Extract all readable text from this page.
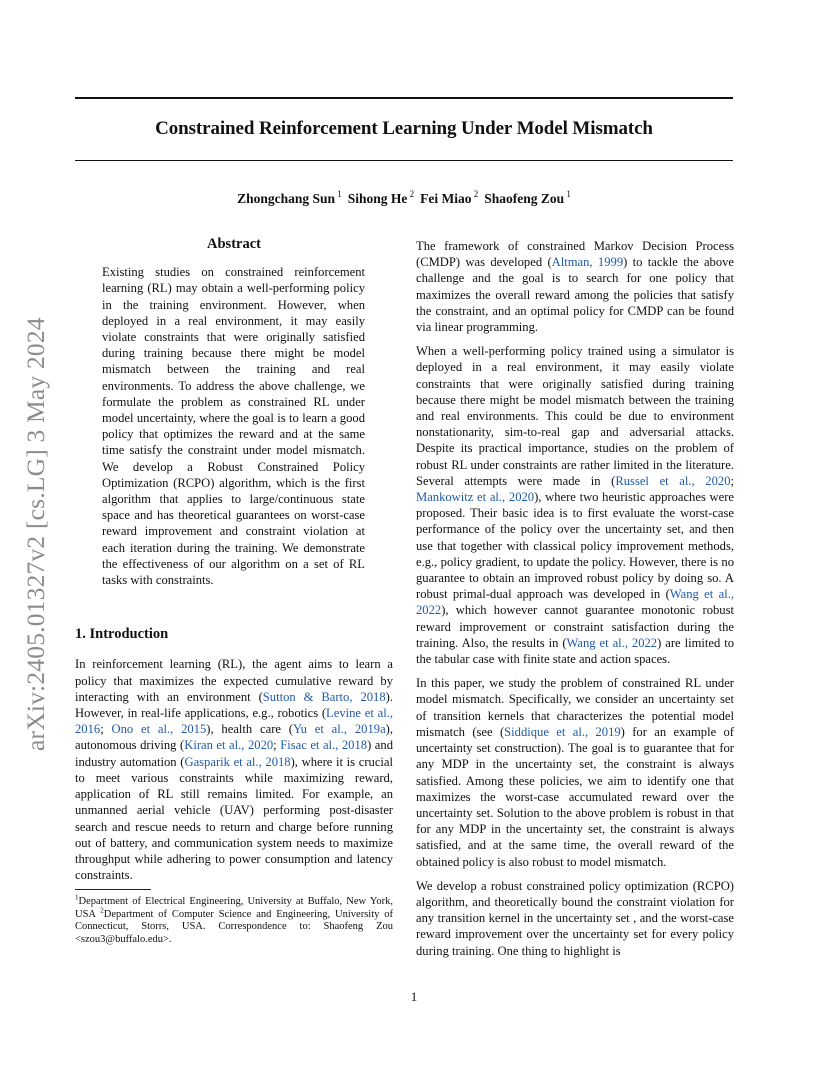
arXiv:2405.01327v2 [cs.LG] 3 May 2024
Constrained Reinforcement Learning Under Model Mismatch
Zhongchang Sun $^1$ Sihong He $^2$ Fei Miao $^2$ Shaofeng Zou $^1$
Abstract

Existing studies on constrained reinforcement learning (RL) may obtain a well-performing policy in the training environment. However, when deployed in a real environment, it may easily violate constraints that were originally satisfied during training because there might be model mismatch between the training and real environments. To address the above challenge, we formulate the problem as constrained RL under model uncertainty, where the goal is to learn a good policy that optimizes the reward and at the same time satisfy the constraint under model mismatch. We develop a Robust Constrained Policy Optimization (RCPO) algorithm, which is the first algorithm that applies to large/continuous state space and has theoretical guarantees on worst-case reward improvement and constraint violation at each iteration during the training. We demonstrate the effectiveness of our algorithm on a set of RL tasks with constraints.

1. Introduction

In reinforcement learning (RL), the agent aims to learn a policy that maximizes the expected cumulative reward by interacting with an environment (Sutton & Barto, 2018). However, in real-life applications, e.g., robotics (Levine et al., 2016; Ono et al., 2015), health care (Yu et al., 2019a), autonomous driving (Kiran et al., 2020; Fisac et al., 2018) and industry automation (Gasparik et al., 2018), where it is crucial to meet various constraints while maximizing reward, application of RL still remains limited. For example, an unmanned aerial vehicle (UAV) performing post-disaster search and rescue needs to return and charge before running out of battery, and communication system needs to maximize throughput while adhering to power consumption and latency constraints.

$^1$Department of Electrical Engineering, University at Buffalo, New York, USA $^2$Department of Computer Science and Engineering, University of Connecticut, Storrs, USA. Correspondence to: Shaofeng Zou <szou3@buffalo.edu>.

The framework of constrained Markov Decision Process (CMDP) was developed (Altman, 1999) to tackle the above challenge and the goal is to search for one policy that maximizes the overall reward among the policies that satisfy the constraint, and an optimal policy for CMDP can be found via linear programming.

When a well-performing policy trained using a simulator is deployed in a real environment, it may easily violate constraints that were originally satisfied during training because there might be model mismatch between the training and real environments. This could be due to environment nonstationarity, sim-to-real gap and adversarial attacks. Despite its practical importance, studies on the problem of robust RL under constraints are rather limited in the literature. Several attempts were made in (Russel et al., 2020; Mankowitz et al., 2020), where two heuristic approaches were proposed. Their basic idea is to first evaluate the worst-case performance of the policy over the uncertainty set, and then use that together with classical policy improvement methods, e.g., policy gradient, to update the policy. However, there is no guarantee to obtain an improved robust policy by doing so. A robust primal-dual approach was developed in (Wang et al., 2022), which however cannot guarantee monotonic robust reward improvement or constraint satisfaction during the training. Also, the results in (Wang et al., 2022) are limited to the tabular case with finite state and action spaces.

In this paper, we study the problem of constrained RL under model mismatch. Specifically, we consider an uncertainty set of transition kernels that characterizes the potential model mismatch (see (Siddique et al., 2019) for an example of uncertainty set construction). The goal is to guarantee that for any MDP in the uncertainty set, the constraint is always satisfied. Among these policies, we aim to identify one that maximizes the worst-case accumulated reward over the uncertainty set. Solution to the above problem is robust in that for any MDP in the uncertainty set, the constraint is always satisfied, and at the same time, the overall reward of the obtained policy is also robust to model mismatch.

We develop a robust constrained policy optimization (RCPO) algorithm, and theoretically bound the constraint violation for any transition kernel in the uncertainty set , and the worst-case reward improvement over the uncertainty set for every policy during training. One thing to highlight is

1
